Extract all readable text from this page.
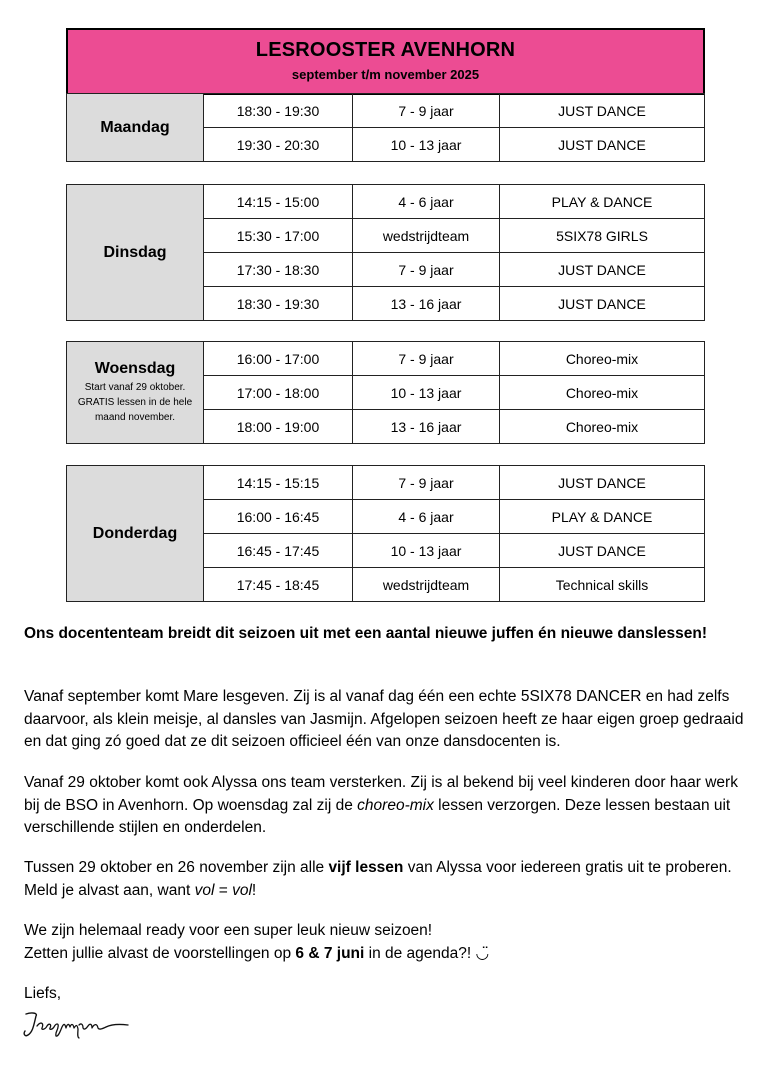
LESROOSTER AVENHORN
september t/m november 2025
Maandag	18:30 - 19:30	7 - 9 jaar	JUST DANCE
	19:30 - 20:30	10 - 13 jaar	JUST DANCE
Dinsdag	14:15 - 15:00	4 - 6 jaar	PLAY & DANCE
	15:30 - 17:00	wedstrijdteam	5SIX78 GIRLS
	17:30 - 18:30	7 - 9 jaar	JUST DANCE
	18:30 - 19:30	13 - 16 jaar	JUST DANCE
Woensdag
Start vanaf 29 oktober. GRATIS lessen in de hele maand november.	16:00 - 17:00	7 - 9 jaar	Choreo-mix
	17:00 - 18:00	10 - 13 jaar	Choreo-mix
	18:00 - 19:00	13 - 16 jaar	Choreo-mix
Donderdag	14:15 - 15:15	7 - 9 jaar	JUST DANCE
	16:00 - 16:45	4 - 6 jaar	PLAY & DANCE
	16:45 - 17:45	10 - 13 jaar	JUST DANCE
	17:45 - 18:45	wedstrijdteam	Technical skills

Ons docententeam breidt dit seizoen uit met een aantal nieuwe juffen én nieuwe danslessen!

Vanaf september komt Mare lesgeven. Zij is al vanaf dag één een echte 5SIX78 DANCER en had zelfs daarvoor, als klein meisje, al dansles van Jasmijn. Afgelopen seizoen heeft ze haar eigen groep gedraaid en dat ging zó goed dat ze dit seizoen officieel één van onze dansdocenten is.

Vanaf 29 oktober komt ook Alyssa ons team versterken. Zij is al bekend bij veel kinderen door haar werk bij de BSO in Avenhorn. Op woensdag zal zij de choreo-mix lessen verzorgen. Deze lessen bestaan uit verschillende stijlen en onderdelen.

Tussen 29 oktober en 26 november zijn alle vijf lessen van Alyssa voor iedereen gratis uit te proberen. Meld je alvast aan, want vol = vol!

We zijn helemaal ready voor een super leuk nieuw seizoen!

Zetten jullie alvast de voorstellingen op 6 & 7 juni in de agenda?! ◡̈

Liefs,
